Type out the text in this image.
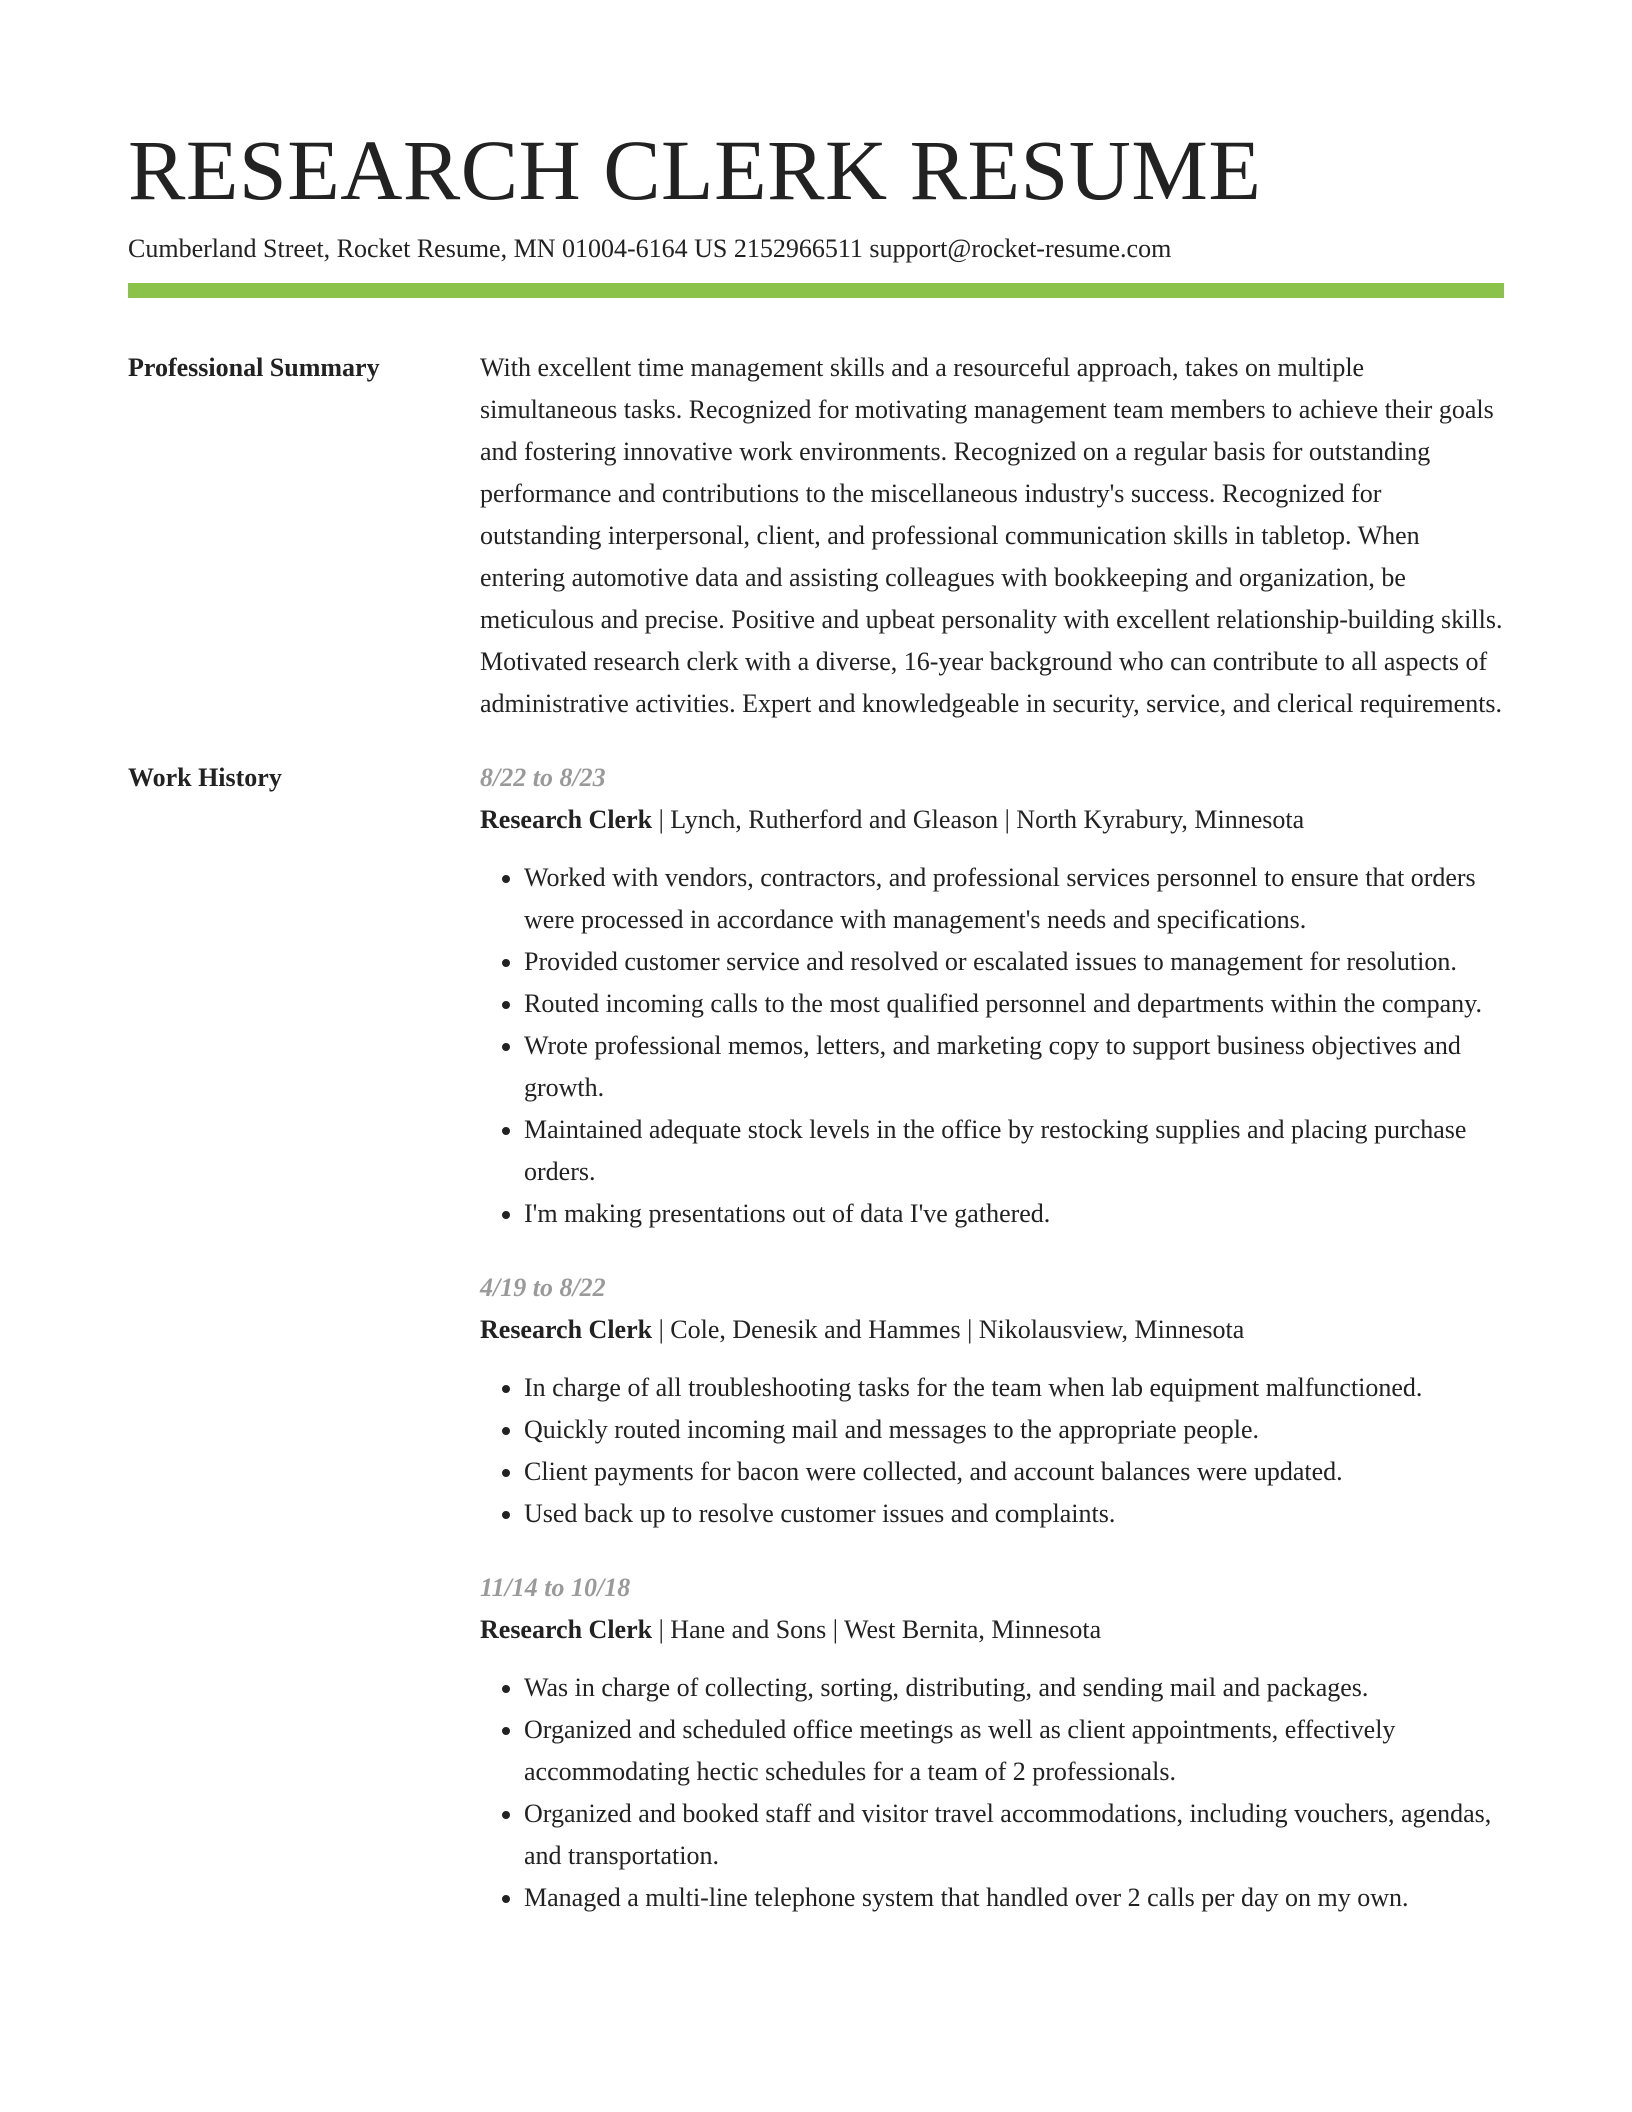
RESEARCH CLERK RESUME
Cumberland Street, Rocket Resume, MN 01004-6164 US 2152966511 support@rocket-resume.com
Professional Summary	With excellent time management skills and a resourceful approach, takes on multiple simultaneous tasks. Recognized for motivating management team members to achieve their goals and fostering innovative work environments. Recognized on a regular basis for outstanding performance and contributions to the miscellaneous industry's success. Recognized for outstanding interpersonal, client, and professional communication skills in tabletop. When entering automotive data and assisting colleagues with bookkeeping and organization, be meticulous and precise. Positive and upbeat personality with excellent relationship-building skills. Motivated research clerk with a diverse, 16-year background who can contribute to all aspects of administrative activities. Expert and knowledgeable in security, service, and clerical requirements.

Work History	8/22 to 8/23
Research Clerk | Lynch, Rutherford and Gleason | North Kyrabury, Minnesota
• Worked with vendors, contractors, and professional services personnel to ensure that orders were processed in accordance with management's needs and specifications.
• Provided customer service and resolved or escalated issues to management for resolution.
• Routed incoming calls to the most qualified personnel and departments within the company.
• Wrote professional memos, letters, and marketing copy to support business objectives and growth.
• Maintained adequate stock levels in the office by restocking supplies and placing purchase orders.
• I'm making presentations out of data I've gathered.
4/19 to 8/22
Research Clerk | Cole, Denesik and Hammes | Nikolausview, Minnesota
• In charge of all troubleshooting tasks for the team when lab equipment malfunctioned.
• Quickly routed incoming mail and messages to the appropriate people.
• Client payments for bacon were collected, and account balances were updated.
• Used back up to resolve customer issues and complaints.
11/14 to 10/18
Research Clerk | Hane and Sons | West Bernita, Minnesota
• Was in charge of collecting, sorting, distributing, and sending mail and packages.
• Organized and scheduled office meetings as well as client appointments, effectively accommodating hectic schedules for a team of 2 professionals.
• Organized and booked staff and visitor travel accommodations, including vouchers, agendas, and transportation.
• Managed a multi-line telephone system that handled over 2 calls per day on my own.
